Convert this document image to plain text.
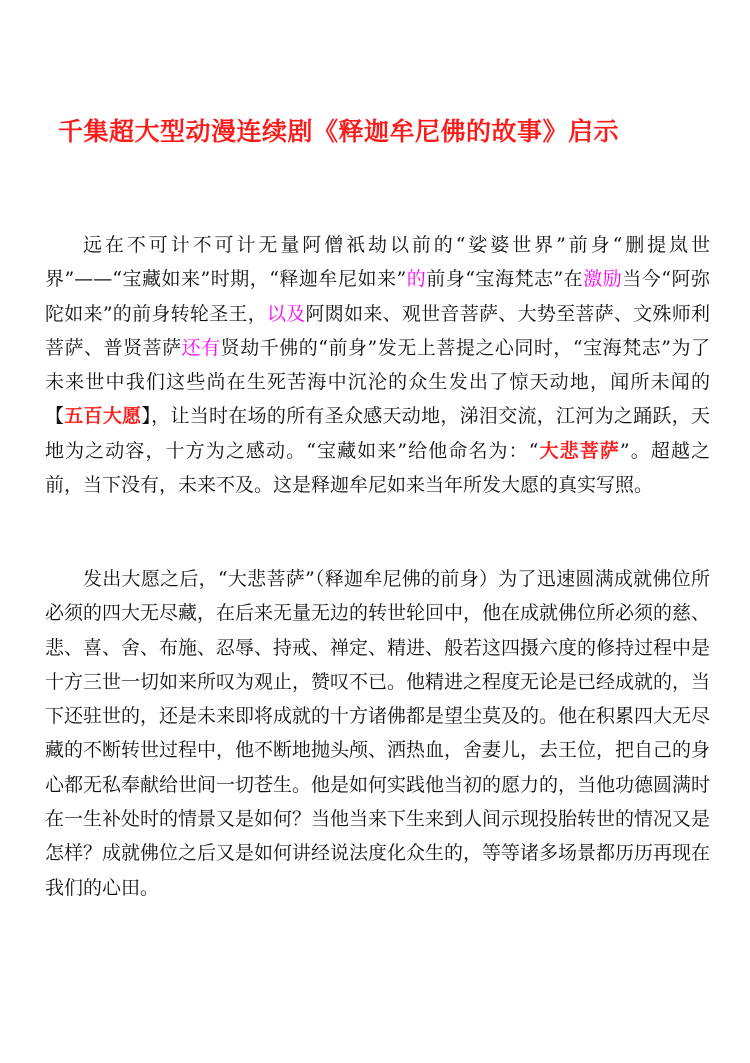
千集超大型动漫连续剧《释迦牟尼佛的故事》启示
远在不可计不可计无量阿僧祇劫以前的“娑婆世界”前身“删提岚世界”——“宝藏如来”时期，“释迦牟尼如来”的前身“宝海梵志”在激励当今“阿弥陀如来”的前身转轮圣王，以及阿閦如来、观世音菩萨、大势至菩萨、文殊师利菩萨、普贤菩萨还有贤劫千佛的“前身”发无上菩提之心同时，“宝海梵志”为了未来世中我们这些尚在生死苦海中沉沦的众生发出了惊天动地，闻所未闻的【五百大愿】，让当时在场的所有圣众感天动地，涕泪交流，江河为之踊跃，天地为之动容，十方为之感动。“宝藏如来”给他命名为：“大悲菩萨”。超越之前，当下没有，未来不及。这是释迦牟尼如来当年所发大愿的真实写照。
发出大愿之后，“大悲菩萨”（释迦牟尼佛的前身）为了迅速圆满成就佛位所必须的四大无尽藏，在后来无量无边的转世轮回中，他在成就佛位所必须的慈、悲、喜、舍、布施、忍辱、持戒、禅定、精进、般若这四摄六度的修持过程中是十方三世一切如来所叹为观止，赞叹不已。他精进之程度无论是已经成就的，当下还驻世的，还是未来即将成就的十方诸佛都是望尘莫及的。他在积累四大无尽藏的不断转世过程中，他不断地抛头颅、洒热血，舍妻儿，去王位，把自己的身心都无私奉献给世间一切苍生。他是如何实践他当初的愿力的，当他功德圆满时在一生补处时的情景又是如何？当他当来下生来到人间示现投胎转世的情况又是怎样？成就佛位之后又是如何讲经说法度化众生的，等等诸多场景都历历再现在我们的心田。
